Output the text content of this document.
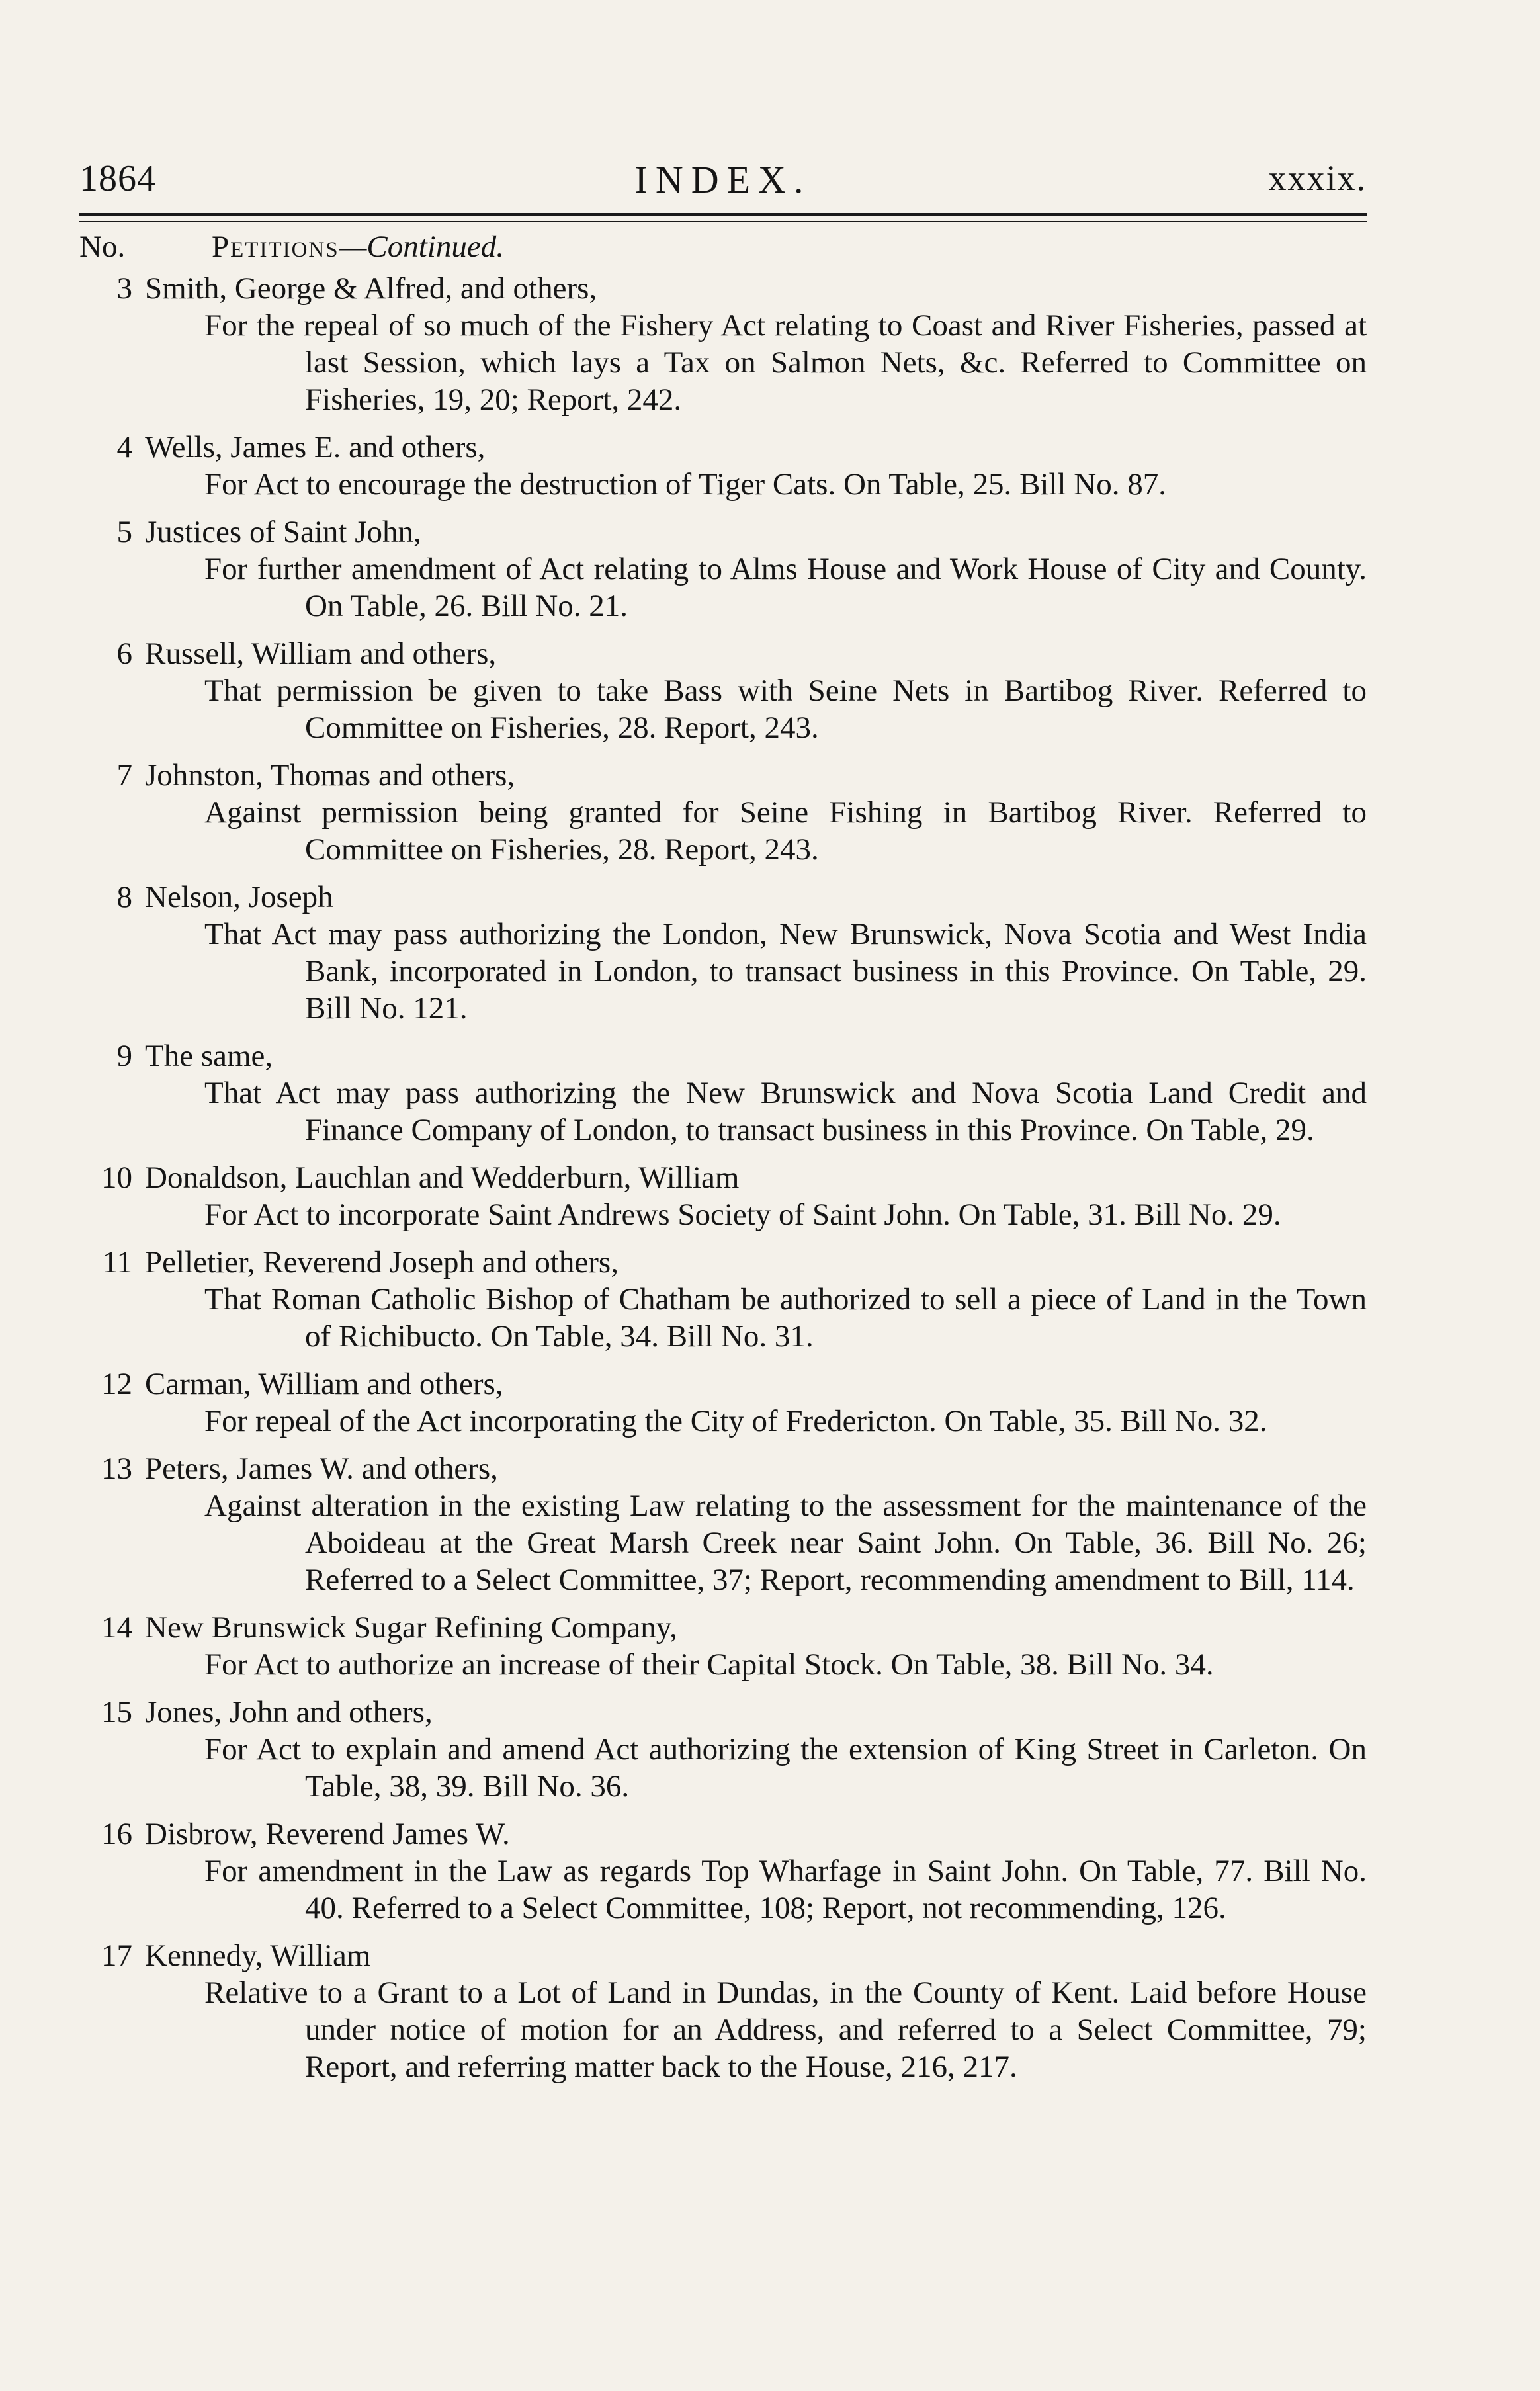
1864	INDEX.	xxxix.
No.	Petitions—Continued.
3 Smith, George & Alfred, and others,
For the repeal of so much of the Fishery Act relating to Coast and River Fisheries, passed at last Session, which lays a Tax on Salmon Nets, &c. Referred to Committee on Fisheries, 19, 20; Report, 242.
4 Wells, James E. and others,
For Act to encourage the destruction of Tiger Cats. On Table, 25. Bill No. 87.
5 Justices of Saint John,
For further amendment of Act relating to Alms House and Work House of City and County. On Table, 26. Bill No. 21.
6 Russell, William and others,
That permission be given to take Bass with Seine Nets in Bartibog River. Referred to Committee on Fisheries, 28. Report, 243.
7 Johnston, Thomas and others,
Against permission being granted for Seine Fishing in Bartibog River. Referred to Committee on Fisheries, 28. Report, 243.
8 Nelson, Joseph
That Act may pass authorizing the London, New Brunswick, Nova Scotia and West India Bank, incorporated in London, to transact business in this Province. On Table, 29. Bill No. 121.
9 The same,
That Act may pass authorizing the New Brunswick and Nova Scotia Land Credit and Finance Company of London, to transact business in this Province. On Table, 29.
10 Donaldson, Lauchlan and Wedderburn, William
For Act to incorporate Saint Andrews Society of Saint John. On Table, 31. Bill No. 29.
11 Pelletier, Reverend Joseph and others,
That Roman Catholic Bishop of Chatham be authorized to sell a piece of Land in the Town of Richibucto. On Table, 34. Bill No. 31.
12 Carman, William and others,
For repeal of the Act incorporating the City of Fredericton. On Table, 35. Bill No. 32.
13 Peters, James W. and others,
Against alteration in the existing Law relating to the assessment for the maintenance of the Aboideau at the Great Marsh Creek near Saint John. On Table, 36. Bill No. 26; Referred to a Select Committee, 37; Report, recommending amendment to Bill, 114.
14 New Brunswick Sugar Refining Company,
For Act to authorize an increase of their Capital Stock. On Table, 38. Bill No. 34.
15 Jones, John and others,
For Act to explain and amend Act authorizing the extension of King Street in Carleton. On Table, 38, 39. Bill No. 36.
16 Disbrow, Reverend James W.
For amendment in the Law as regards Top Wharfage in Saint John. On Table, 77. Bill No. 40. Referred to a Select Committee, 108; Report, not recommending, 126.
17 Kennedy, William
Relative to a Grant to a Lot of Land in Dundas, in the County of Kent. Laid before House under notice of motion for an Address, and referred to a Select Committee, 79; Report, and referring matter back to the House, 216, 217.
